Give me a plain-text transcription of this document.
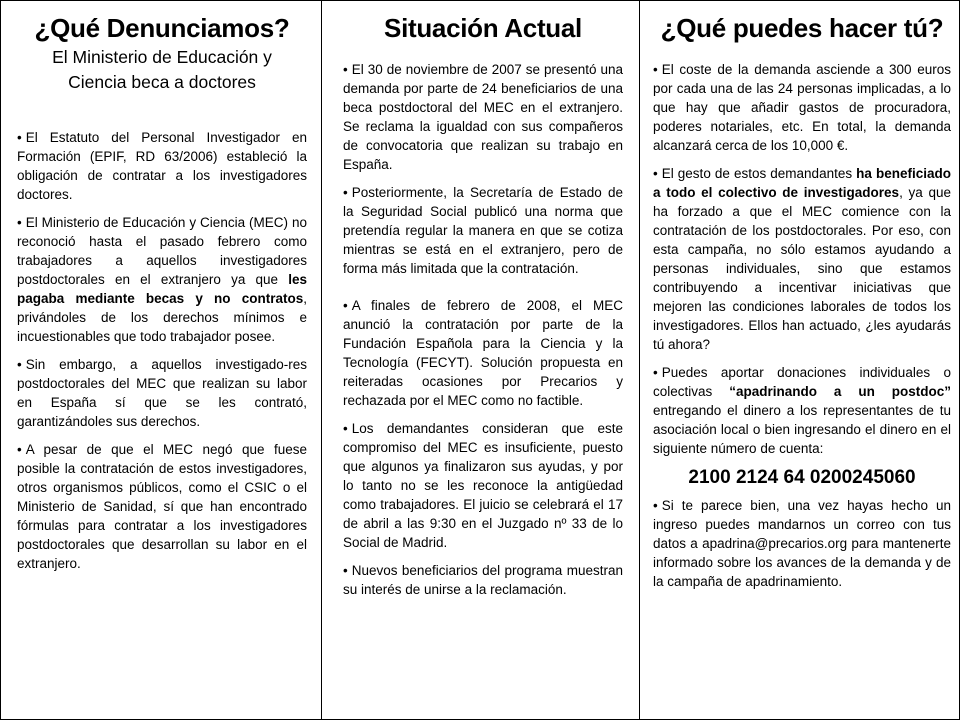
¿Qué Denunciamos?
El Ministerio de Educación y
Ciencia beca a doctores

• El Estatuto del Personal Investigador en Formación (EPIF, RD 63/2006) estableció la obligación de contratar a los investigadores doctores.

• El Ministerio de Educación y Ciencia (MEC) no reconoció hasta el pasado febrero como trabajadores a aquellos investigadores postdoctorales en el extranjero ya que les pagaba mediante becas y no contratos, privándoles de los derechos mínimos e incuestionables que todo trabajador posee.

• Sin embargo, a aquellos investigado-res postdoctorales del MEC que realizan su labor en España sí que se les contrató, garantizándoles sus derechos.

• A pesar de que el MEC negó que fuese posible la contratación de estos investigadores, otros organismos públicos, como el CSIC o el Ministerio de Sanidad, sí que han encontrado fórmulas para contratar a los investigadores postdoctorales que desarrollan su labor en el extranjero.

Situación Actual

• El 30 de noviembre de 2007 se presentó una demanda por parte de 24 beneficiarios de una beca postdoctoral del MEC en el extranjero. Se reclama la igualdad con sus compañeros de convocatoria que realizan su trabajo en España.

• Posteriormente, la Secretaría de Estado de la Seguridad Social publicó una norma que pretendía regular la manera en que se cotiza mientras se está en el extranjero, pero de forma más limitada que la contratación.

• A finales de febrero de 2008, el MEC anunció la contratación por parte de la Fundación Española para la Ciencia y la Tecnología (FECYT). Solución propuesta en reiteradas ocasiones por Precarios y rechazada por el MEC como no factible.

• Los demandantes consideran que este compromiso del MEC es insuficiente, puesto que algunos ya finalizaron sus ayudas, y por lo tanto no se les reconoce la antigüedad como trabajadores. El juicio se celebrará el 17 de abril a las 9:30 en el Juzgado nº 33 de lo Social de Madrid.

• Nuevos beneficiarios del programa muestran su interés de unirse a la reclamación.

¿Qué puedes hacer tú?

• El coste de la demanda asciende a 300 euros por cada una de las 24 personas implicadas, a lo que hay que añadir gastos de procuradora, poderes notariales, etc. En total, la demanda alcanzará cerca de los 10,000 €.

• El gesto de estos demandantes ha beneficiado a todo el colectivo de investigadores, ya que ha forzado a que el MEC comience con la contratación de los postdoctorales. Por eso, con esta campaña, no sólo estamos ayudando a personas individuales, sino que estamos contribuyendo a incentivar iniciativas que mejoren las condiciones laborales de todos los investigadores. Ellos han actuado, ¿les ayudarás tú ahora?

• Puedes aportar donaciones individuales o colectivas “apadrinando a un postdoc” entregando el dinero a los representantes de tu asociación local o bien ingresando el dinero en el siguiente número de cuenta:

2100 2124 64 0200245060

• Si te parece bien, una vez hayas hecho un ingreso puedes mandarnos un correo con tus datos a apadrina@precarios.org para mantenerte informado sobre los avances de la demanda y de la campaña de apadrinamiento.
